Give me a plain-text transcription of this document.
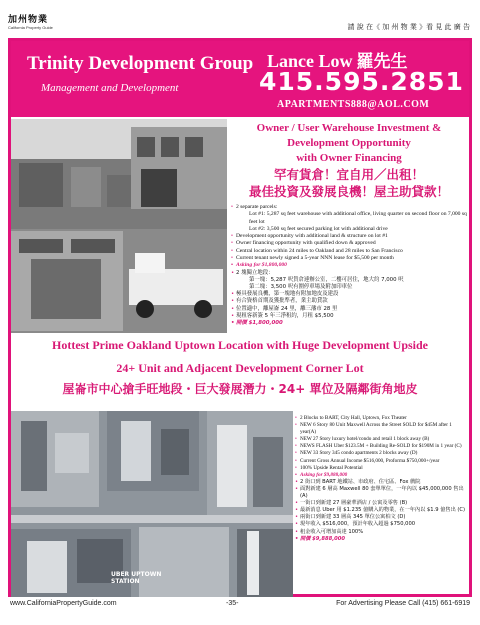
加州物業
California Property Guide	請 說 在《 加 州 物 業 》看 見 此 廣 告
Trinity Development Group
Management and Development
Lance Low 羅先生
415.595.2851
APARTMENTS888@AOL.COM
Owner / User Warehouse Investment &
Development Opportunity
with Owner Financing
罕有貨倉！宜自用／出租！
最佳投資及發展良機！屋主助貸款！
• 2 separate parcels:
Lot #1: 5,287 sq feet warehouse with additional office, living quarter on second floor on 7,000 sq feet lot
Lot #2: 3,500 sq feet secured parking lot with additional drive
• Development opportunity with additional land & structure on lot #1
• Owner financing opportunity with qualified down & approved
• Central location within 24 miles to Oakland and 28 miles to San Francisco
• Current tenant newly signed a 5-year NNN lease for $5,500 per month
• Asking for $1,800,000
• 2 塊獨立地段：
第一塊：5,287 呎貨倉連辦公室，二樓可居住，地大約 7,000 呎
第二塊：3,500 呎有圍停車場及附加印車位
• 極具發展良機，第一塊地有附加地皮及建設
• 有合資格首期及獲批準者，業主助貸款
• 位置適中，離屋崙 24 里，離三藩市 28 里
• 現租客新簽 5 年三淨租約，月租 $5,500
• 開價 $1,800,000
Hottest Prime Oakland Uptown Location with Huge Development Upside
24+ Unit and Adjacent Development Corner Lot
屋崙市中心搶手旺地段・巨大發展潛力・24+ 單位及隔鄰街角地皮
UBER UPTOWN
STATION
• 2 Blocks to BART, City Hall, Uptown, Fox Theater
• NEW 6 Story 80 Unit Maxwell Across the Street SOLD for $45M after 1 year(A)
• NEW 27 Story luxury hotel/condo and retail 1 block away (B)
• NEWS FLASH Uber $123.5M + Building Re-SOLD for $190M in 1 year (C)
• NEW 33 Story 345 condo apartments 2 blocks away (D)
• Current Gross Annual Income $516,000, Proforma $750,000+/year
• 100% Upside Rental Potential
• Asking for $9,888,000
• 2 街口到 BART 地鐵站、市政府、住宅區、Fox 戲院
• 面對新建 6 層高 Maxwell 80 套單單位，一年內以 $45,000,000 售出 (A)
• 一街口到新建 27 層豪華酒店 / 公寓及零售 (B)
• 最新消息 Uber 用 $1.235 億購入的物業，在一年內以 $1.9 億售出 (C)
• 兩街口到新建 33 層高 345 單位公寓柏文 (D)
• 現年收入 $516,000，預計年收入超過 $750,000
• 租金收入可增加高達 100%
• 開價 $9,888,000
www.CaliforniaPropertyGuide.com	-35-	For Advertising Please Call (415) 661-6919
